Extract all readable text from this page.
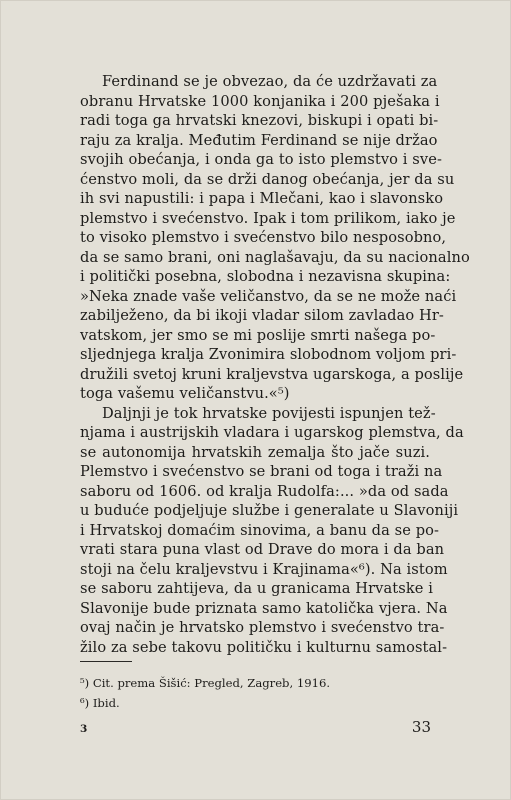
Ferdinand se je obvezao, da će uzdržavati za
obranu Hrvatske 1000 konjanika i 200 pješaka i
radi toga ga hrvatski knezovi, biskupi i opati bi-
raju za kralja. Međutim Ferdinand se nije držao
svojih obećanja, i onda ga to isto plemstvo i sve-
ćenstvo moli, da se drži danog obećanja, jer da su
ih svi napustili: i papa i Mlečani, kao i slavonsko
plemstvo i svećenstvo. Ipak i tom prilikom, iako je
to visoko plemstvo i svećenstvo bilo nesposobno,
da se samo brani, oni naglašavaju, da su nacionalno
i politički posebna, slobodna i nezavisna skupina:
»Neka znade vaše veličanstvo, da se ne može naći
zabilježeno, da bi ikoji vladar silom zavladao Hr-
vatskom, jer smo se mi poslije smrti našega po-
sljednjega kralja Zvonimira slobodnom voljom pri-
družili svetoj kruni kraljevstva ugarskoga, a poslije
toga vašemu veličanstvu.«⁵)
Daljnji je tok hrvatske povijesti ispunjen tež-
njama i austrijskih vladara i ugarskog plemstva, da
se autonomija hrvatskih zemalja što jače suzi.
Plemstvo i svećenstvo se brani od toga i traži na
saboru od 1606. od kralja Rudolfa:... »da od sada
u buduće podjeljuje službe i generalate u Slavoniji
i Hrvatskoj domaćim sinovima, a banu da se po-
vrati stara puna vlast od Drave do mora i da ban
stoji na čelu kraljevstvu i Krajinama«⁶). Na istom
se saboru zahtijeva, da u granicama Hrvatske i
Slavonije bude priznata samo katolička vjera. Na
ovaj način je hrvatsko plemstvo i svećenstvo tra-
žilo za sebe takovu političku i kulturnu samostal-
⁵) Cit. prema Šišić: Pregled, Zagreb, 1916.
⁶) Ibid.
3	33
